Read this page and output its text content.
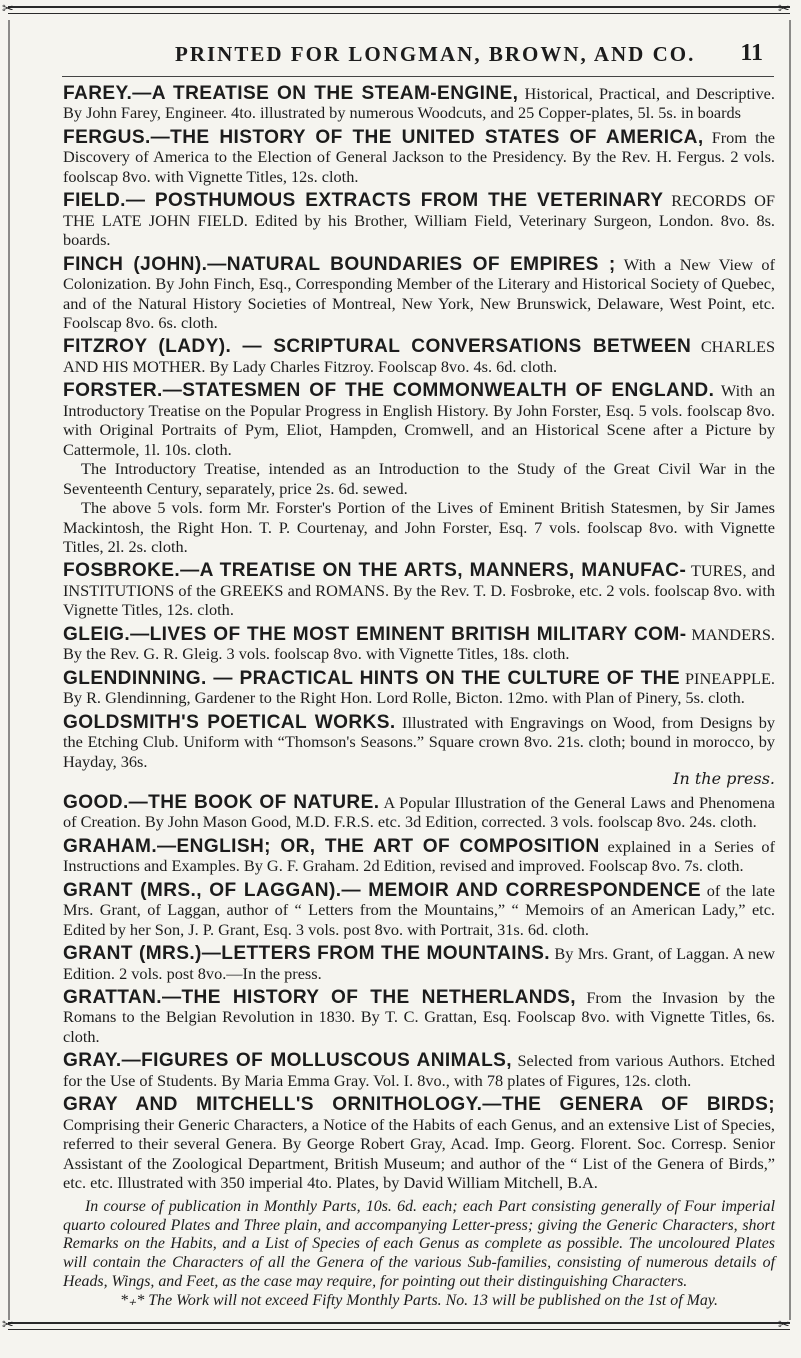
✂	✂
✂	✂
PRINTED FOR LONGMAN, BROWN, AND CO. 11

FAREY.—A TREATISE ON THE STEAM-ENGINE, Historical, Practical, and Descriptive. By John Farey, Engineer. 4to. illustrated by numerous Woodcuts, and 25 Copper-plates, 5l. 5s. in boards

FERGUS.—THE HISTORY OF THE UNITED STATES OF AMERICA, From the Discovery of America to the Election of General Jackson to the Presidency. By the Rev. H. Fergus. 2 vols. foolscap 8vo. with Vignette Titles, 12s. cloth.

FIELD.— POSTHUMOUS EXTRACTS FROM THE VETERINARY RECORDS OF THE LATE JOHN FIELD. Edited by his Brother, William Field, Veterinary Surgeon, London. 8vo. 8s. boards.

FINCH (JOHN).—NATURAL BOUNDARIES OF EMPIRES ; With a New View of Colonization. By John Finch, Esq., Corresponding Member of the Literary and Historical Society of Quebec, and of the Natural History Societies of Montreal, New York, New Brunswick, Delaware, West Point, etc. Foolscap 8vo. 6s. cloth.

FITZROY (LADY). — SCRIPTURAL CONVERSATIONS BETWEEN CHARLES AND HIS MOTHER. By Lady Charles Fitzroy. Foolscap 8vo. 4s. 6d. cloth.

FORSTER.—STATESMEN OF THE COMMONWEALTH OF ENGLAND. With an Introductory Treatise on the Popular Progress in English History. By John Forster, Esq. 5 vols. foolscap 8vo. with Original Portraits of Pym, Eliot, Hampden, Cromwell, and an Historical Scene after a Picture by Cattermole, 1l. 10s. cloth.

The Introductory Treatise, intended as an Introduction to the Study of the Great Civil War in the Seventeenth Century, separately, price 2s. 6d. sewed.

The above 5 vols. form Mr. Forster's Portion of the Lives of Eminent British Statesmen, by Sir James Mackintosh, the Right Hon. T. P. Courtenay, and John Forster, Esq. 7 vols. foolscap 8vo. with Vignette Titles, 2l. 2s. cloth.

FOSBROKE.—A TREATISE ON THE ARTS, MANNERS, MANUFAC- TURES, and INSTITUTIONS of the GREEKS and ROMANS. By the Rev. T. D. Fosbroke, etc. 2 vols. foolscap 8vo. with Vignette Titles, 12s. cloth.

GLEIG.—LIVES OF THE MOST EMINENT BRITISH MILITARY COM- MANDERS. By the Rev. G. R. Gleig. 3 vols. foolscap 8vo. with Vignette Titles, 18s. cloth.

GLENDINNING. — PRACTICAL HINTS ON THE CULTURE OF THE PINEAPPLE. By R. Glendinning, Gardener to the Right Hon. Lord Rolle, Bicton. 12mo. with Plan of Pinery, 5s. cloth.

GOLDSMITH'S POETICAL WORKS. Illustrated with Engravings on Wood, from Designs by the Etching Club. Uniform with “Thomson's Seasons.” Square crown 8vo. 21s. cloth; bound in morocco, by Hayday, 36s.

In the press.

GOOD.—THE BOOK OF NATURE. A Popular Illustration of the General Laws and Phenomena of Creation. By John Mason Good, M.D. F.R.S. etc. 3d Edition, corrected. 3 vols. foolscap 8vo. 24s. cloth.

GRAHAM.—ENGLISH; OR, THE ART OF COMPOSITION explained in a Series of Instructions and Examples. By G. F. Graham. 2d Edition, revised and improved. Foolscap 8vo. 7s. cloth.

GRANT (MRS., OF LAGGAN).— MEMOIR AND CORRESPONDENCE of the late Mrs. Grant, of Laggan, author of “ Letters from the Mountains,” “ Memoirs of an American Lady,” etc. Edited by her Son, J. P. Grant, Esq. 3 vols. post 8vo. with Portrait, 31s. 6d. cloth.

GRANT (MRS.)—LETTERS FROM THE MOUNTAINS. By Mrs. Grant, of Laggan. A new Edition. 2 vols. post 8vo.—In the press.

GRATTAN.—THE HISTORY OF THE NETHERLANDS, From the Invasion by the Romans to the Belgian Revolution in 1830. By T. C. Grattan, Esq. Foolscap 8vo. with Vignette Titles, 6s. cloth.

GRAY.—FIGURES OF MOLLUSCOUS ANIMALS, Selected from various Authors. Etched for the Use of Students. By Maria Emma Gray. Vol. I. 8vo., with 78 plates of Figures, 12s. cloth.

GRAY AND MITCHELL'S ORNITHOLOGY.—THE GENERA OF BIRDS; Comprising their Generic Characters, a Notice of the Habits of each Genus, and an extensive List of Species, referred to their several Genera. By George Robert Gray, Acad. Imp. Georg. Florent. Soc. Corresp. Senior Assistant of the Zoological Department, British Museum; and author of the “ List of the Genera of Birds,” etc. etc. Illustrated with 350 imperial 4to. Plates, by David William Mitchell, B.A.

In course of publication in Monthly Parts, 10s. 6d. each; each Part consisting generally of Four imperial quarto coloured Plates and Three plain, and accompanying Letter-press; giving the Generic Characters, short Remarks on the Habits, and a List of Species of each Genus as complete as possible. The uncoloured Plates will contain the Characters of all the Genera of the various Sub-families, consisting of numerous details of Heads, Wings, and Feet, as the case may require, for pointing out their distinguishing Characters.

*₊* The Work will not exceed Fifty Monthly Parts. No. 13 will be published on the 1st of May.
